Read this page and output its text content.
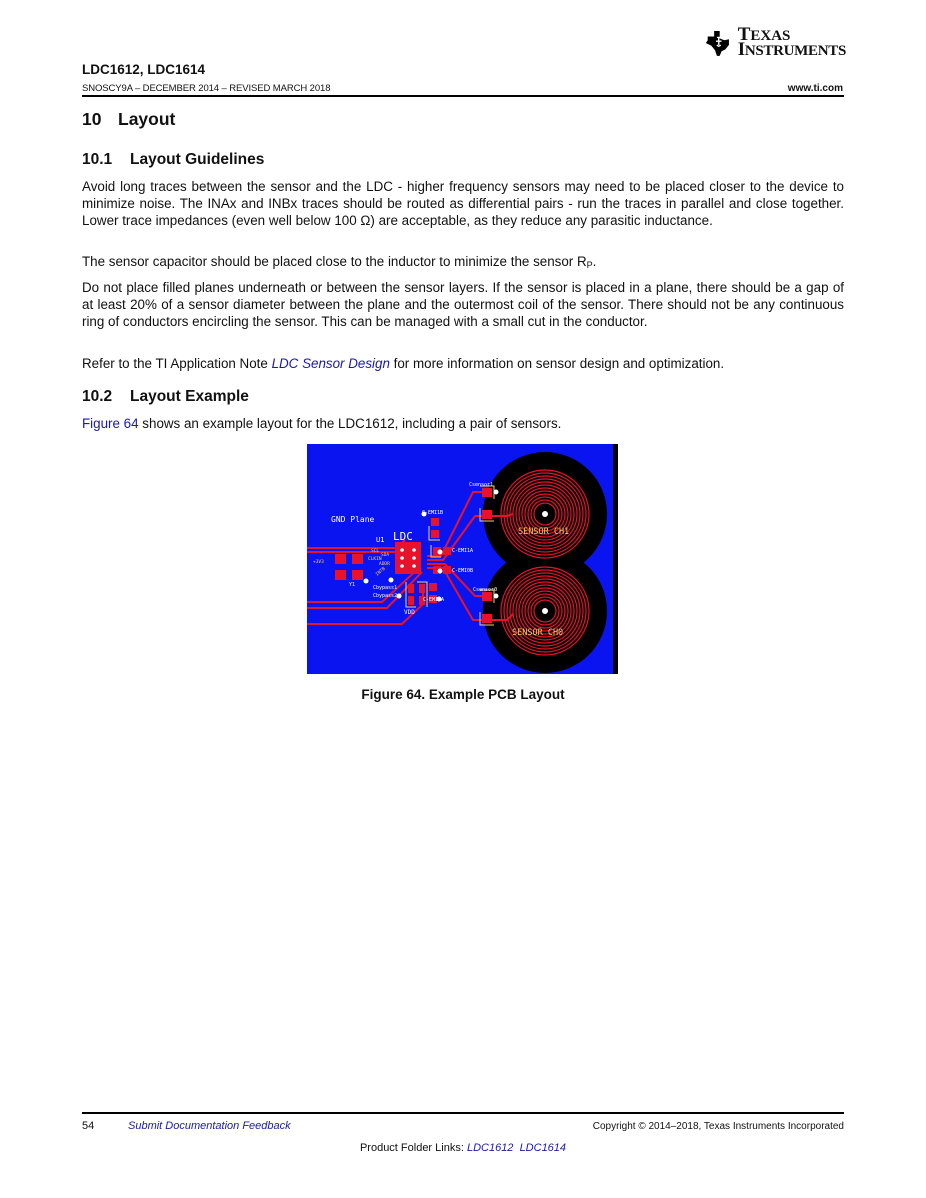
TEXAS
INSTRUMENTS
LDC1612, LDC1614
SNOSCY9A – DECEMBER 2014 – REVISED MARCH 2018	www.ti.com
10 Layout
10.1 Layout Guidelines

Avoid long traces between the sensor and the LDC - higher frequency sensors may need to be placed closer to the device to minimize noise. The INAx and INBx traces should be routed as differential pairs - run the traces in parallel and close together. Lower trace impedances (even well below 100 Ω) are acceptable, as they reduce any parasitic inductance.

The sensor capacitor should be placed close to the inductor to minimize the sensor $R_P$.

Do not place filled planes underneath or between the sensor layers. If the sensor is placed in a plane, there should be a gap of at least 20% of a sensor diameter between the plane and the outermost coil of the sensor. There should not be any continuous ring of conductors encircling the sensor. This can be managed with a small cut in the conductor.

Refer to the TI Application Note LDC Sensor Design for more information on sensor design and optimization.

10.2 Layout Example

Figure 64 shows an example layout for the LDC1612, including a pair of sensors.

GND Plane
U1 LDC
SCL
SDA
CLKIN
ADDR
INTB
+3V3
Y1	Cbypass1
Cbypass2
VDD
C-EMI1B
C-EMI1A
C-EMI0B
C-EMI0A
Csensor1
Csensor0
SENSOR CH1
SENSOR CH0
Figure 64. Example PCB Layout
54	Submit Documentation Feedback	Copyright © 2014–2018, Texas Instruments Incorporated
Product Folder Links: LDC1612 LDC1614
